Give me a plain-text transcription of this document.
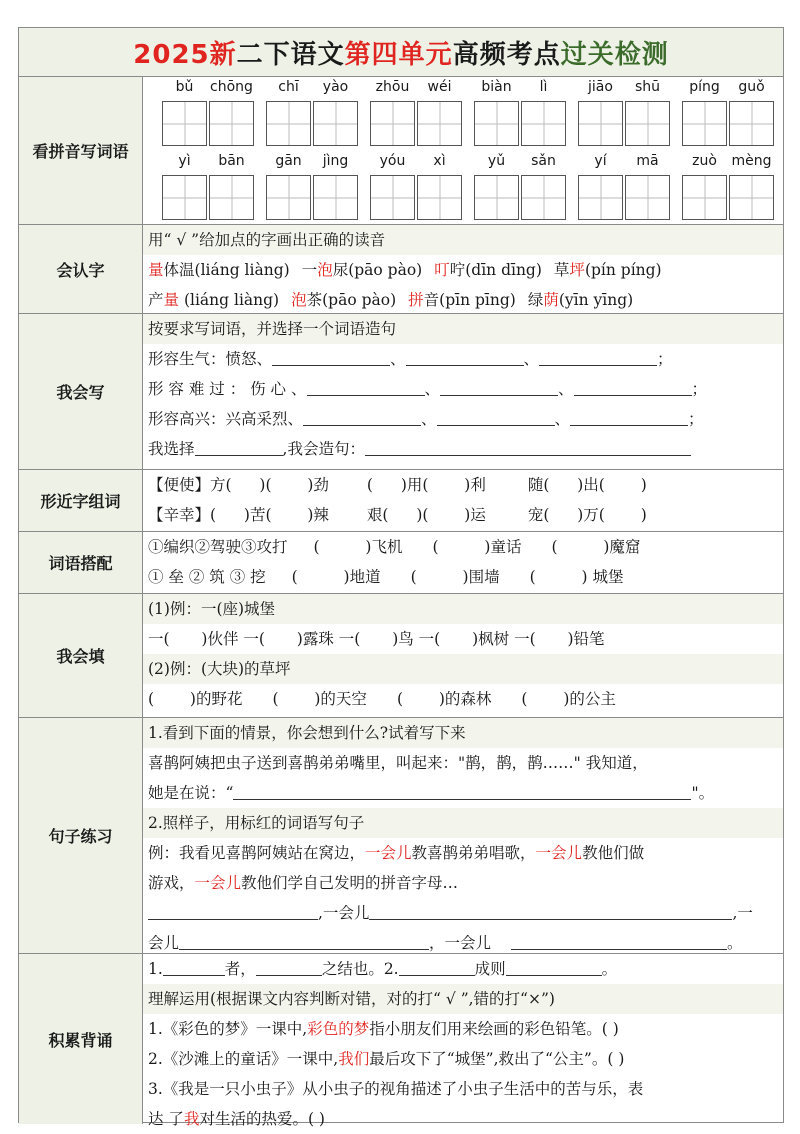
2025新 二下语文 第四单元 高频考点 过关检测
看拼音写词语
bǔ	chōng	chī	yào	zhōu	wéi	biàn	lì	jiāo	shū	píng	guǒ
yì	bān	gān	jìng	yóu	xì	yǔ	sǎn	yí	mā	zuò	mèng
会认字
用“ √ ”给加点的字画出正确的读音
量体温(liáng liàng) 一泡尿(pāo pào) 叮咛(dīn dīng) 草坪(pín píng)
产量 (liáng liàng) 泡茶(pāo pào) 拼音(pīn pīng) 绿荫(yīn yīng)
我会写
按要求写词语，并选择一个词语造句
形容生气：愤怒、	、	、	；
形 容 难 过 ： 伤 心 、	、	、	；
形容高兴：兴高采烈、	、	、	；
我选择	,我会造句：
形近字组词
【便使】方(  )(  )劲 (  )用(  )利	随(  )出(  )
【辛幸】(  )苦(  )辣 艰(  )(  )运	宠(  )万(  )
词语搭配
①编织②驾驶③攻打 (  )飞机 (  )童话 (  )魔窟
① 垒 ② 筑 ③ 挖 (  )地道 (  )围墙 (  ) 城堡
我会填
(1)例：一(座)城堡
一(  )伙伴 一(  )露珠 一(  )鸟 一(  )枫树 一(  )铅笔
(2)例：(大块)的草坪
(  )的野花 (  )的天空 (  )的森林 (  )的公主
句子练习
1.看到下面的情景，你会想到什么?试着写下来
喜鹊阿姨把虫子送到喜鹊弟弟嘴里，叫起来："鹊，鹊，鹊……" 我知道，
她是在说：“	"。
2.照样子，用标红的词语写句子
例：我看见喜鹊阿姨站在窝边，一会儿教喜鹊弟弟唱歌，一会儿教他们做
游戏，一会儿教他们学自己发明的拼音字母…
,一会儿	,一
会儿	，一会儿	。
积累背诵
1.	者，	之结也。2.	成则	。
理解运用(根据课文内容判断对错，对的打“ √ ”,错的打“×”)
1.《彩色的梦》一课中,彩色的梦指小朋友们用来绘画的彩色铅笔。( )
2.《沙滩上的童话》一课中,我们最后攻下了“城堡”,救出了“公主”。( )
3.《我是一只小虫子》从小虫子的视角描述了小虫子生活中的苦与乐，表
达 了我对生活的热爱。( )
